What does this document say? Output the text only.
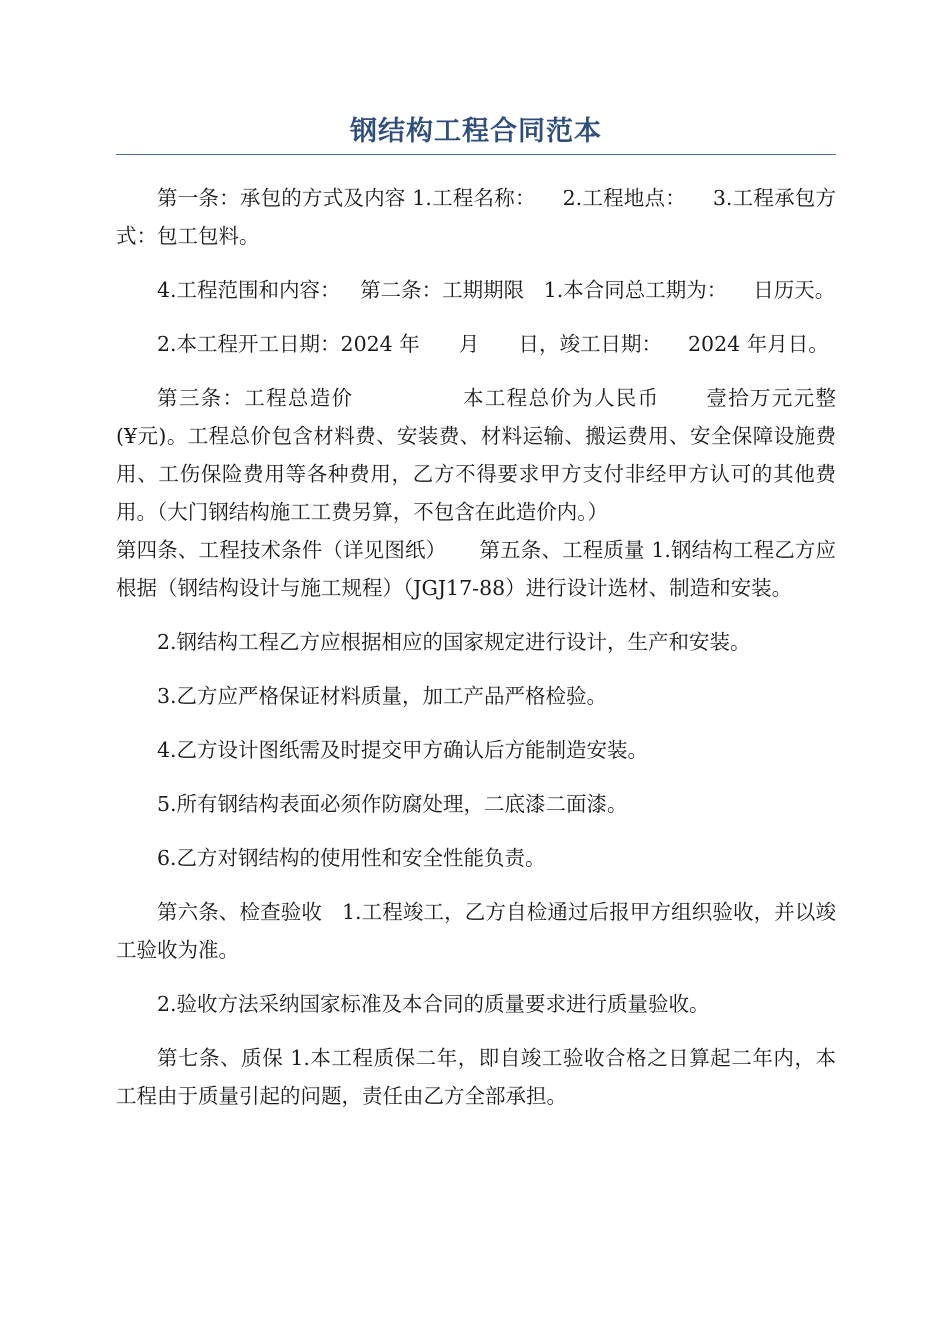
钢结构工程合同范本

第一条：承包的方式及内容 1.工程名称：    2.工程地点：    3.工程承包方式：包工包料。

4.工程范围和内容：   第二条：工期期限   1.本合同总工期为：    日历天。

2.本工程开工日期：2024 年      月      日，竣工日期：    2024 年月日。

第三条：工程总造价              本工程总价为人民币      壹拾万元元整(¥元)。工程总价包含材料费、安装费、材料运输、搬运费用、安全保障设施费用、工伤保险费用等各种费用，乙方不得要求甲方支付非经甲方认可的其他费用。（大门钢结构施工工费另算，不包含在此造价内。）

第四条、工程技术条件（详见图纸）     第五条、工程质量 1.钢结构工程乙方应根据（钢结构设计与施工规程）（JGJ17-88）进行设计选材、制造和安装。

2.钢结构工程乙方应根据相应的国家规定进行设计，生产和安装。

3.乙方应严格保证材料质量，加工产品严格检验。

4.乙方设计图纸需及时提交甲方确认后方能制造安装。

5.所有钢结构表面必须作防腐处理，二底漆二面漆。

6.乙方对钢结构的使用性和安全性能负责。

第六条、检查验收   1.工程竣工，乙方自检通过后报甲方组织验收，并以竣工验收为准。

2.验收方法采纳国家标准及本合同的质量要求进行质量验收。

第七条、质保 1.本工程质保二年，即自竣工验收合格之日算起二年内，本工程由于质量引起的问题，责任由乙方全部承担。
